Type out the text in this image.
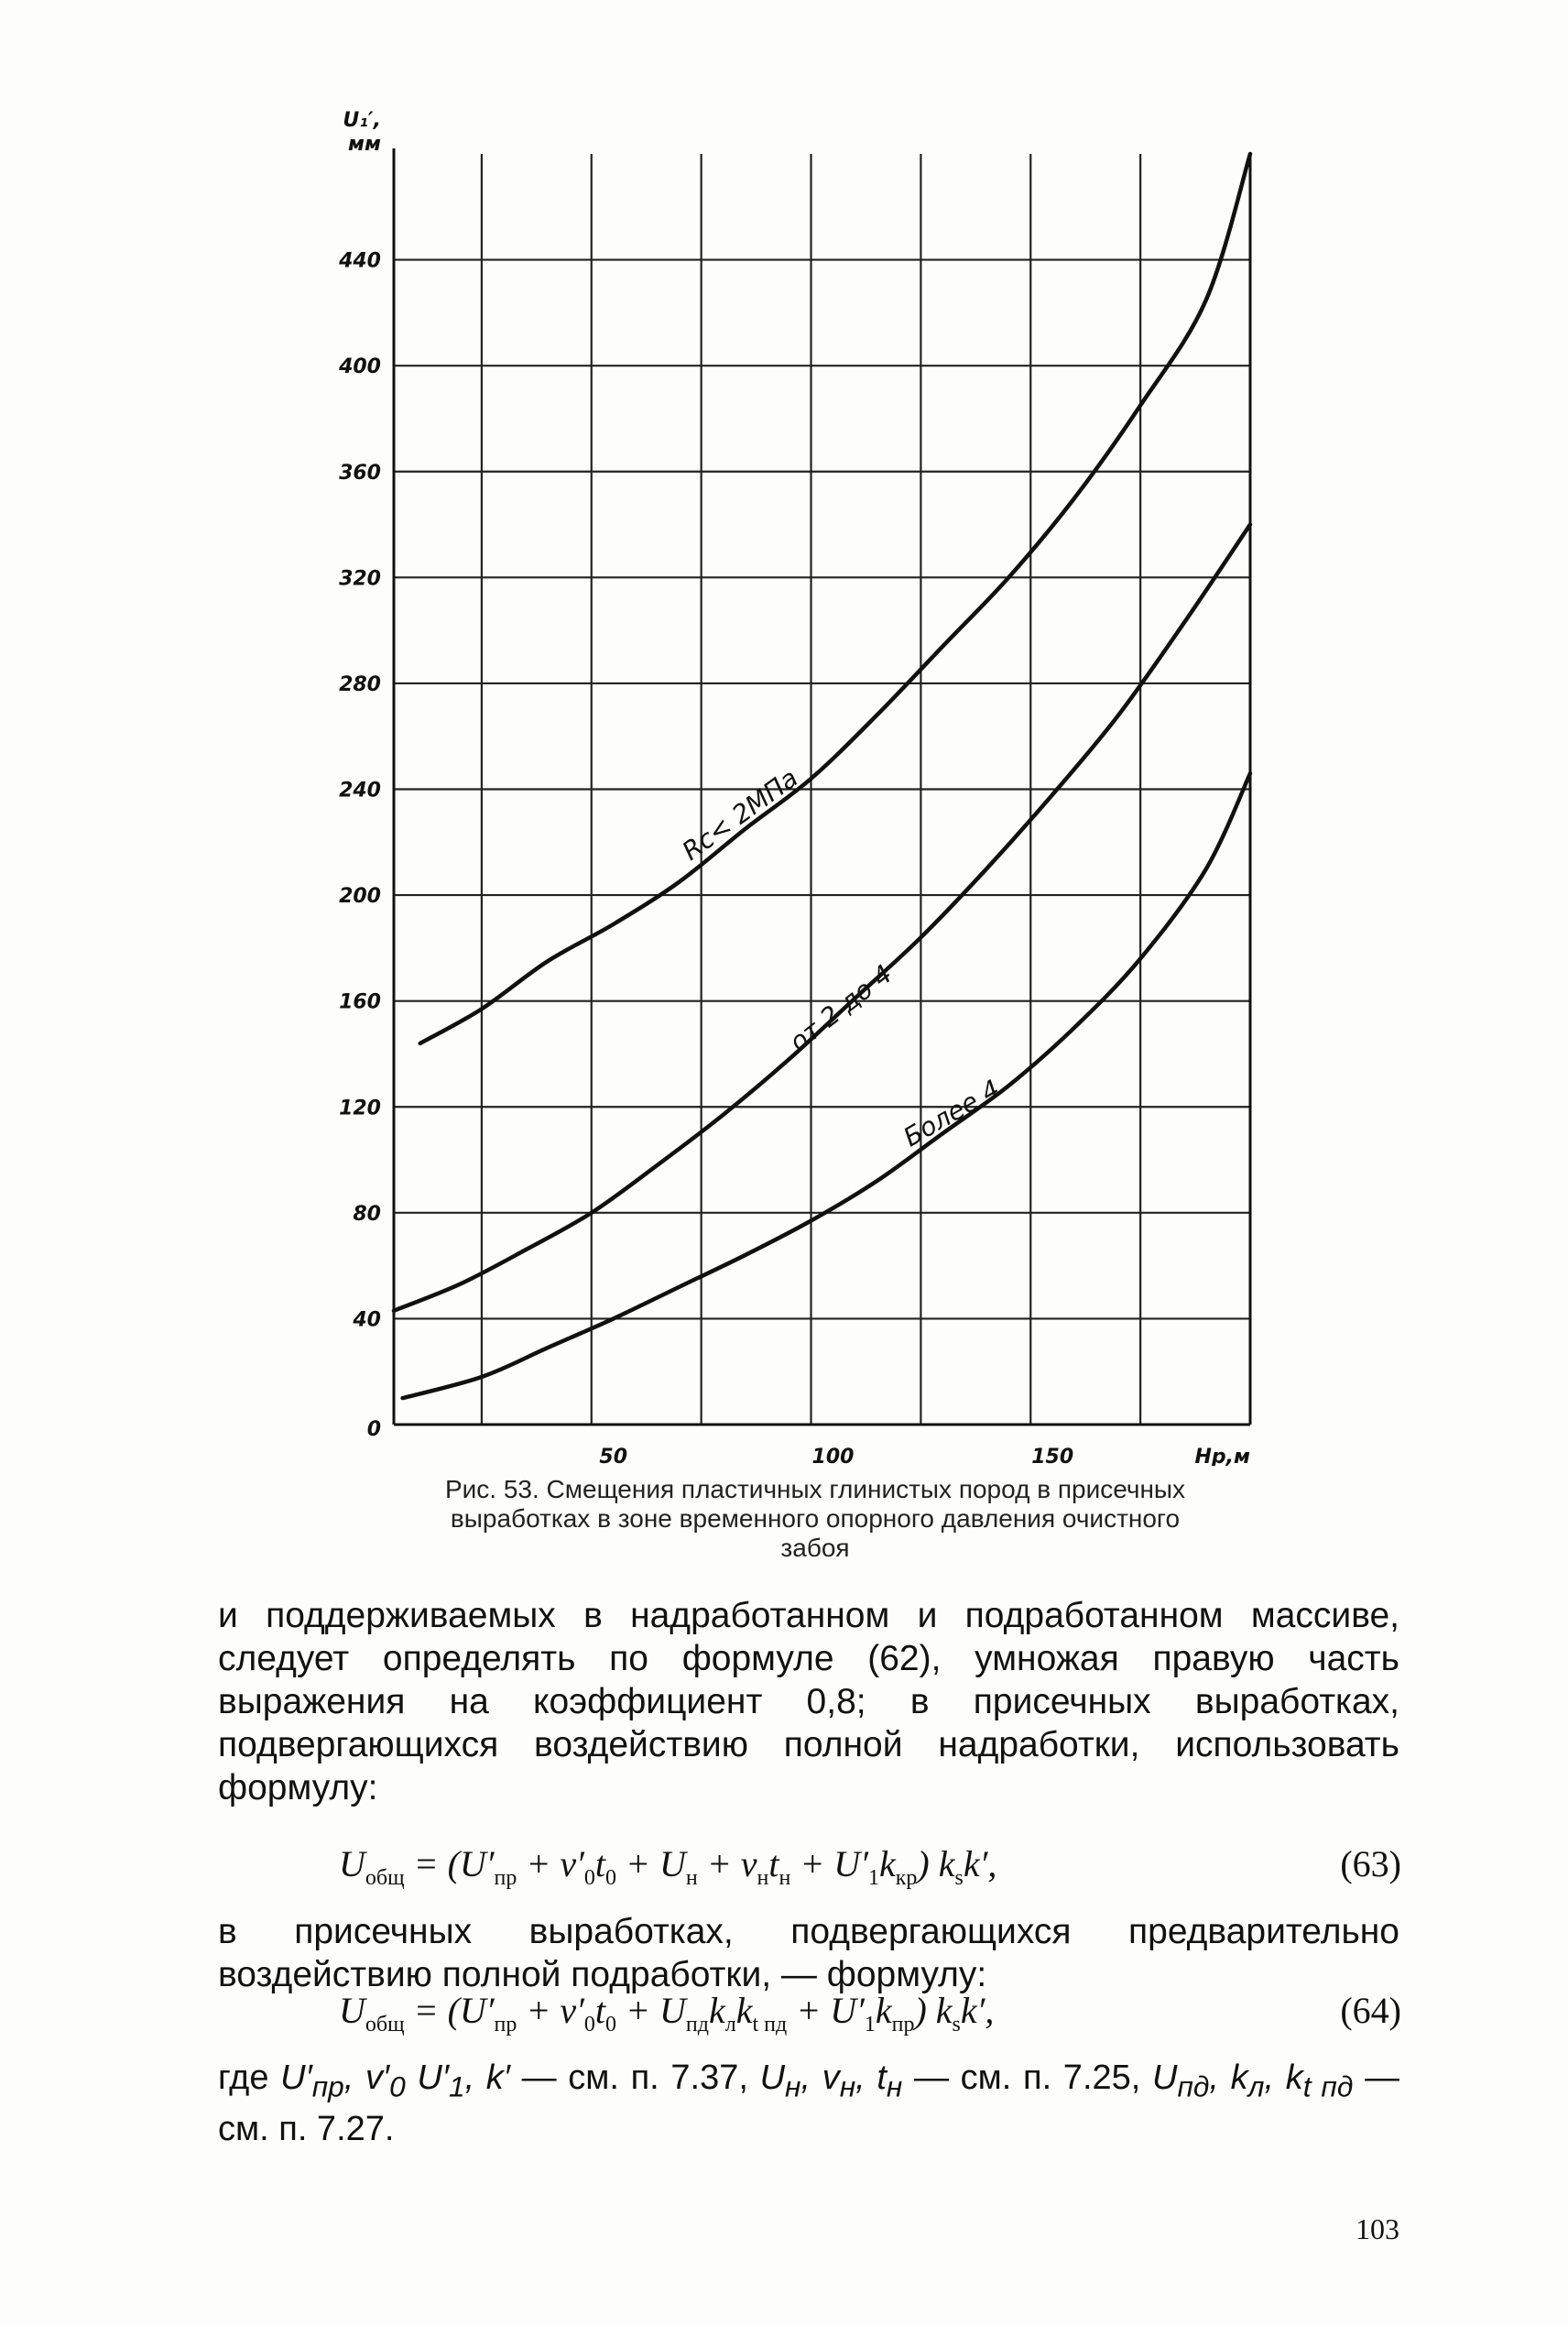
0
40
80
120
160
200
240
280
320
360
400
440
U₁′,
мм
50	100	150	Hр,м
Rc< 2МПа
от 2 до 4
Более 4

Рис. 53. Смещения пластичных глинистых пород в присечных

выработках в зоне временного опорного давления очистного

забоя

и поддерживаемых в надработанном и подработанном массиве, следует определять по формуле (62), умножая правую часть выражения на коэффициент 0,8; в присечных выработках, подвергающихся воздействию полной надработки, использовать формулу:

$U_{общ} = (U'_{пр} + v'_0t_0 + U_н + v_нt_н + U'_1k_{кр})$ $k_sk'$,	(63)

в присечных выработках, подвергающихся предварительно воздействию полной подработки, — формулу:

$U_{общ} = (U'_{пр} + v'_0t_0 + U_{пд}k_лk_{t пд} + U'_1k_{пр})$ $k_sk'$,	(64)

где $U'_{пр}$, $v'_0$ $U'_1$, k′ — см. п. 7.37, $U_н$, $v_н$, $t_н$ — см. п. 7.25, $U_{пд}$, $k_л$, $k_{t пд}$ — см. п. 7.27.

103
